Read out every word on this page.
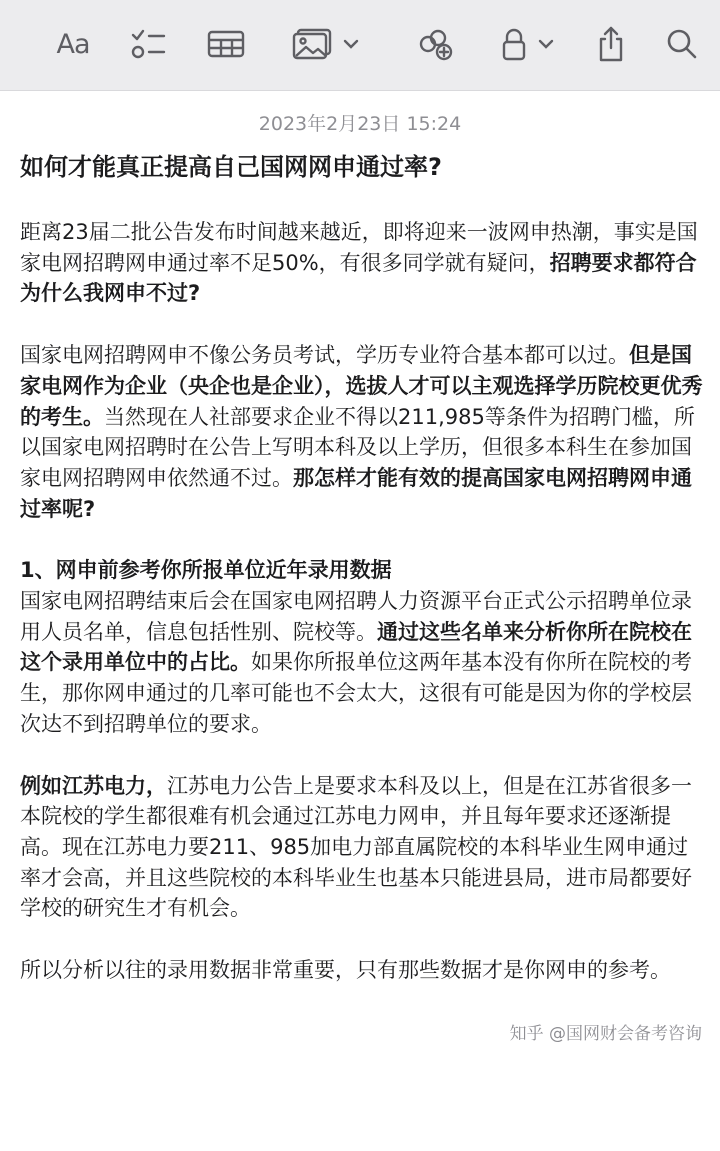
Aa
2023年2月23日 15:24
如何才能真正提高自己国网网申通过率?

距离23届二批公告发布时间越来越近，即将迎来一波网申热潮，事实是国家电网招聘网申通过率不足50%，有很多同学就有疑问，招聘要求都符合为什么我网申不过?

国家电网招聘网申不像公务员考试，学历专业符合基本都可以过。但是国家电网作为企业（央企也是企业），选拔人才可以主观选择学历院校更优秀的考生。当然现在人社部要求企业不得以211,985等条件为招聘门槛，所以国家电网招聘时在公告上写明本科及以上学历，但很多本科生在参加国家电网招聘网申依然通不过。那怎样才能有效的提高国家电网招聘网申通过率呢?

1、网申前参考你所报单位近年录用数据

国家电网招聘结束后会在国家电网招聘人力资源平台正式公示招聘单位录用人员名单，信息包括性别、院校等。通过这些名单来分析你所在院校在这个录用单位中的占比。如果你所报单位这两年基本没有你所在院校的考生，那你网申通过的几率可能也不会太大，这很有可能是因为你的学校层次达不到招聘单位的要求。

例如江苏电力，江苏电力公告上是要求本科及以上，但是在江苏省很多一本院校的学生都很难有机会通过江苏电力网申，并且每年要求还逐渐提高。现在江苏电力要211、985加电力部直属院校的本科毕业生网申通过率才会高，并且这些院校的本科毕业生也基本只能进县局，进市局都要好学校的研究生才有机会。

所以分析以往的录用数据非常重要，只有那些数据才是你网申的参考。

知乎 @国网财会备考咨询
